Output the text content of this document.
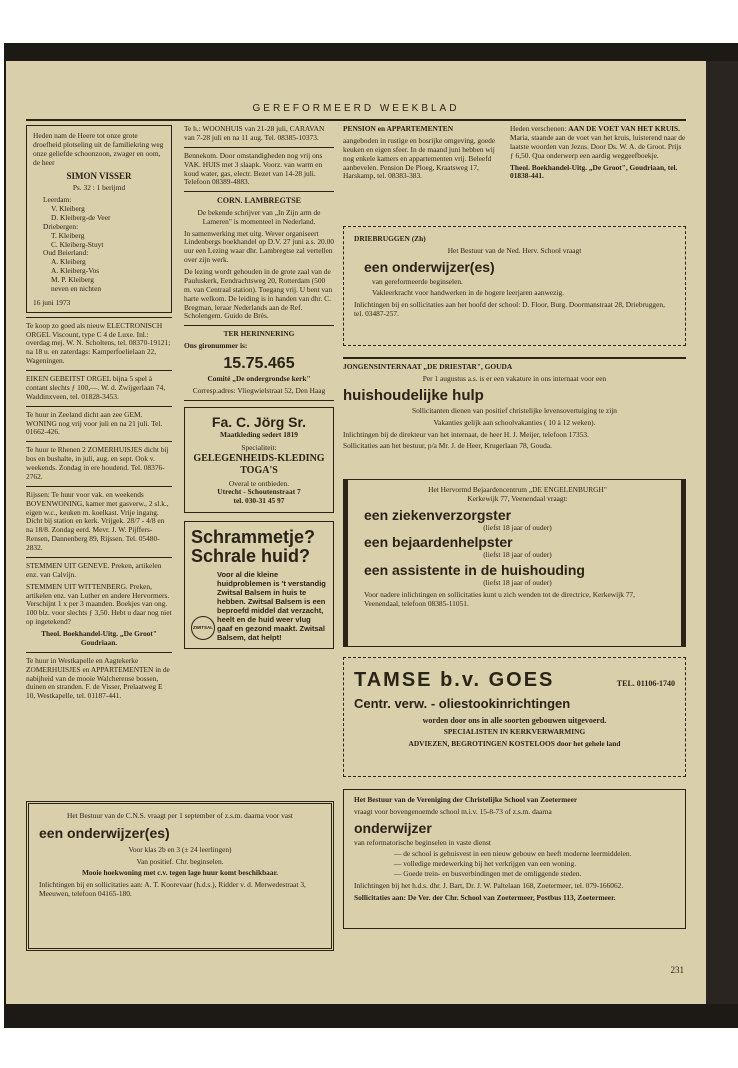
GEREFORMEERD WEEKBLAD

Heden nam de Heere tot onze grote droefheid plotseling uit de familiekring weg onze geliefde schoonzoon, zwager en oom, de heer

SIMON VISSER

Ps. 32 : 1 berijmd

Leerdam:
V. Kleiberg
D. Kleiberg-de Veer
Driebergen:
T. Kleiberg
C. Kleiberg-Stuyt
Oud Beierland:
A. Kleiberg
A. Kleiberg-Vos
M. P. Kleiberg
neven en nichten
16 juni 1973

Te koop zo goed als nieuw ELECTRONISCH ORGEL Viscount, type C 4 de Luxe. Inl.: overdag mej. W. N. Scholtens, tel. 08370-19121; na 18 u. en zaterdags: Kamperfoelielaan 22, Wageningen.

EIKEN GEBEITST ORGEL bijna 5 spel à contant slechts ƒ 100,—. W. d. Zwijgerlaan 74, Waddinxveen, tel. 01828-3453.

Te huur in Zeeland dicht aan zee GEM. WONING nog vrij voor juli en na 21 juli. Tel. 01662-426.

Te huur te Rhenen 2 ZOMERHUISJES dicht bij bos en bushalte, in juli, aug. en sept. Ook v. weekends. Zondag in ere houdend. Tel. 08376-2762.

Rijssen: Te huur voor vak. en weekends BOVENWONING, kamer met gasverw., 2 sl.k., eigen w.c., keuken m. koelkast. Vrije ingang. Dicht bij station en kerk. Vrijgek. 28/7 - 4/8 en na 18/8. Zondag eerd. Mevr. J. W. Pijffers-Rensen, Dannenberg 89, Rijssen. Tel. 05480-2832.

STEMMEN UIT GENEVE. Preken, artikelen enz. van Calvijn.

STEMMEN UIT WITTENBERG. Preken, artikelen enz. van Luther en andere Hervormers. Verschijnt 1 x per 3 maanden. Boekjes van ong. 100 blz. voor slechts ƒ 3,50. Hebt u daar nog niet op ingetekend?

Theol. Boekhandel-Uitg. „De Groot" Goudriaan.

Te huur in Westkapelle en Aagtekerke ZOMERHUISJES en APPARTEMENTEN in de nabijheid van de mooie Walcherense bossen, duinen en stranden. F. de Visser, Prelaatweg E 10, Westkapelle, tel. 01187-441.

Te h.: WOONHUIS van 21-28 juli, CARAVAN van 7-28 juli en na 11 aug. Tel. 08385-10373.

Bennekom. Door omstandigheden nog vrij ons VAK. HUIS met 3 slaapk. Voorz. van warm en koud water, gas, electr. Bezet van 14-28 juli. Telefoon 08389-4883.

CORN. LAMBREGTSE

De bekende schrijver van „In Zijn arm de Lameren" is momenteel in Nederland.

In samenwerking met uitg. Wever organiseert Lindenbergs boekhandel op D.V. 27 juni a.s. 20.00 uur een Lezing waar dhr. Lambregtse zal vertellen over zijn werk.

De lezing wordt gehouden in de grote zaal van de Pauluskerk, Eendrachtsweg 20, Rotterdam (500 m. van Centraal station). Toegang vrij. U bent van harte welkom. De leiding is in handen van dhr. C. Bregman, leraar Nederlands aan de Ref. Scholengem. Guido de Brès.

TER HERINNERING

Ons gironummer is:

15.75.465

Comité „De ondergrondse kerk"

Corresp.adres: Vliegwielstraat 52, Den Haag

Fa. C. Jörg Sr.
Maatkleding sedert 1819
Specialiteit:
GELEGENHEIDS-KLEDING
TOGA'S
Overal te ontbieden.
Utrecht - Schoutenstraat 7
tel. 030-31 45 97
Schrammetje?
Schrale huid?
ZWITSAL
Voor al die kleine huidproblemen is 't verstandig Zwitsal Balsem in huis te hebben. Zwitsal Balsem is een beproefd middel dat verzacht, heelt en de huid weer vlug gaaf en gezond maakt. Zwitsal Balsem, dat helpt!

Het Bestuur van de C.N.S. vraagt per 1 september of z.s.m. daarna voor vast

een onderwijzer(es)

Voor klas 2b en 3 (± 24 leerlingen)

Van positief. Chr. beginselen.

Mooie hoekwoning met c.v. tegen lage huur komt beschikbaar.

Inlichtingen bij en sollicitaties aan: A. T. Koorevaar (h.d.s.), Ridder v. d. Merwedestraat 3, Meeuwen, telefoon 04165-180.

PENSION en APPARTEMENTEN

aangeboden in rustige en bosrijke omgeving, goede keuken en eigen sfeer. In de maand juni hebben wij nog enkele kamers en appartementen vrij. Beleefd aanbevelen. Pension De Ploeg, Kraatsweg 17, Harskamp, tel. 08383-383.

Heden verschenen: AAN DE VOET VAN HET KRUIS. Maria, staande aan de voet van het kruis, luisterend naar de laatste woorden van Jezus. Door Ds. W. A. de Groot. Prijs ƒ 6,50. Qua onderwerp een aardig weggeefboekje.

Theol. Boekhandel-Uitg. „De Groot", Goudriaan, tel. 01838-441.

DRIEBRUGGEN (Zh)

Het Bestuur van de Ned. Herv. School vraagt

een onderwijzer(es)

van gereformeerde beginselen.

Vakleerkracht voor handwerken in de hogere leerjaren aanwezig.

Inlichtingen bij en sollicitaties aan het hoofd der school: D. Floor, Burg. Doormanstraat 28, Driebruggen, tel. 03487-257.

JONGENSINTERNAAT „DE DRIESTAR", GOUDA

Per 1 augustus a.s. is er een vakature in ons internaat voor een

huishoudelijke hulp

Sollicitanten dienen van positief christelijke levensovertuiging te zijn

Vakanties gelijk aan schoolvakanties ( 10 à 12 weken).

Inlichtingen bij de direkteur van het internaat, de heer H. J. Meijer, telefoon 17353.

Sollicitaties aan het bestuur, p/a Mr. J. de Heer, Krugerlaan 78, Gouda.

Het Hervormd Bejaardencentrum „DE ENGELENBURGH"

Kerkewijk 77, Veenendaal vraagt:

een ziekenverzorgster

(liefst 18 jaar of ouder)

een bejaardenhelpster

(liefst 18 jaar of ouder)

een assistente in de huishouding

(liefst 18 jaar of ouder)

Voor nadere inlichtingen en sollicitaties kunt u zich wenden tot de directrice, Kerkewijk 77, Veenendaal, telefoon 08385-11051.

TAMSE b.v. GOES	TEL. 01106-1740

Centr. verw. - oliestookinrichtingen

worden door ons in alle soorten gebouwen uitgevoerd.

SPECIALISTEN IN KERKVERWARMING

ADVIEZEN, BEGROTINGEN KOSTELOOS door het gehele land

Het Bestuur van de Vereniging der Christelijke School van Zoetermeer

vraagt voor bovengenoemde school m.i.v. 15-8-73 of z.s.m. daarna

onderwijzer

van reformatorische beginselen in vaste dienst

— de school is gehuisvest in een nieuw gebouw en heeft moderne leermiddelen.

— volledige medewerking bij het verkrijgen van een woning.

— Goede trein- en busverbindingen met de omliggende steden.

Inlichtingen bij het h.d.s. dhr. J. Bart, Dr. J. W. Paltelaan 168, Zoetermeer, tel. 079-166062.

Sollicitaties aan: De Ver. der Chr. School van Zoetermeer, Postbus 113, Zoetermeer.

231
